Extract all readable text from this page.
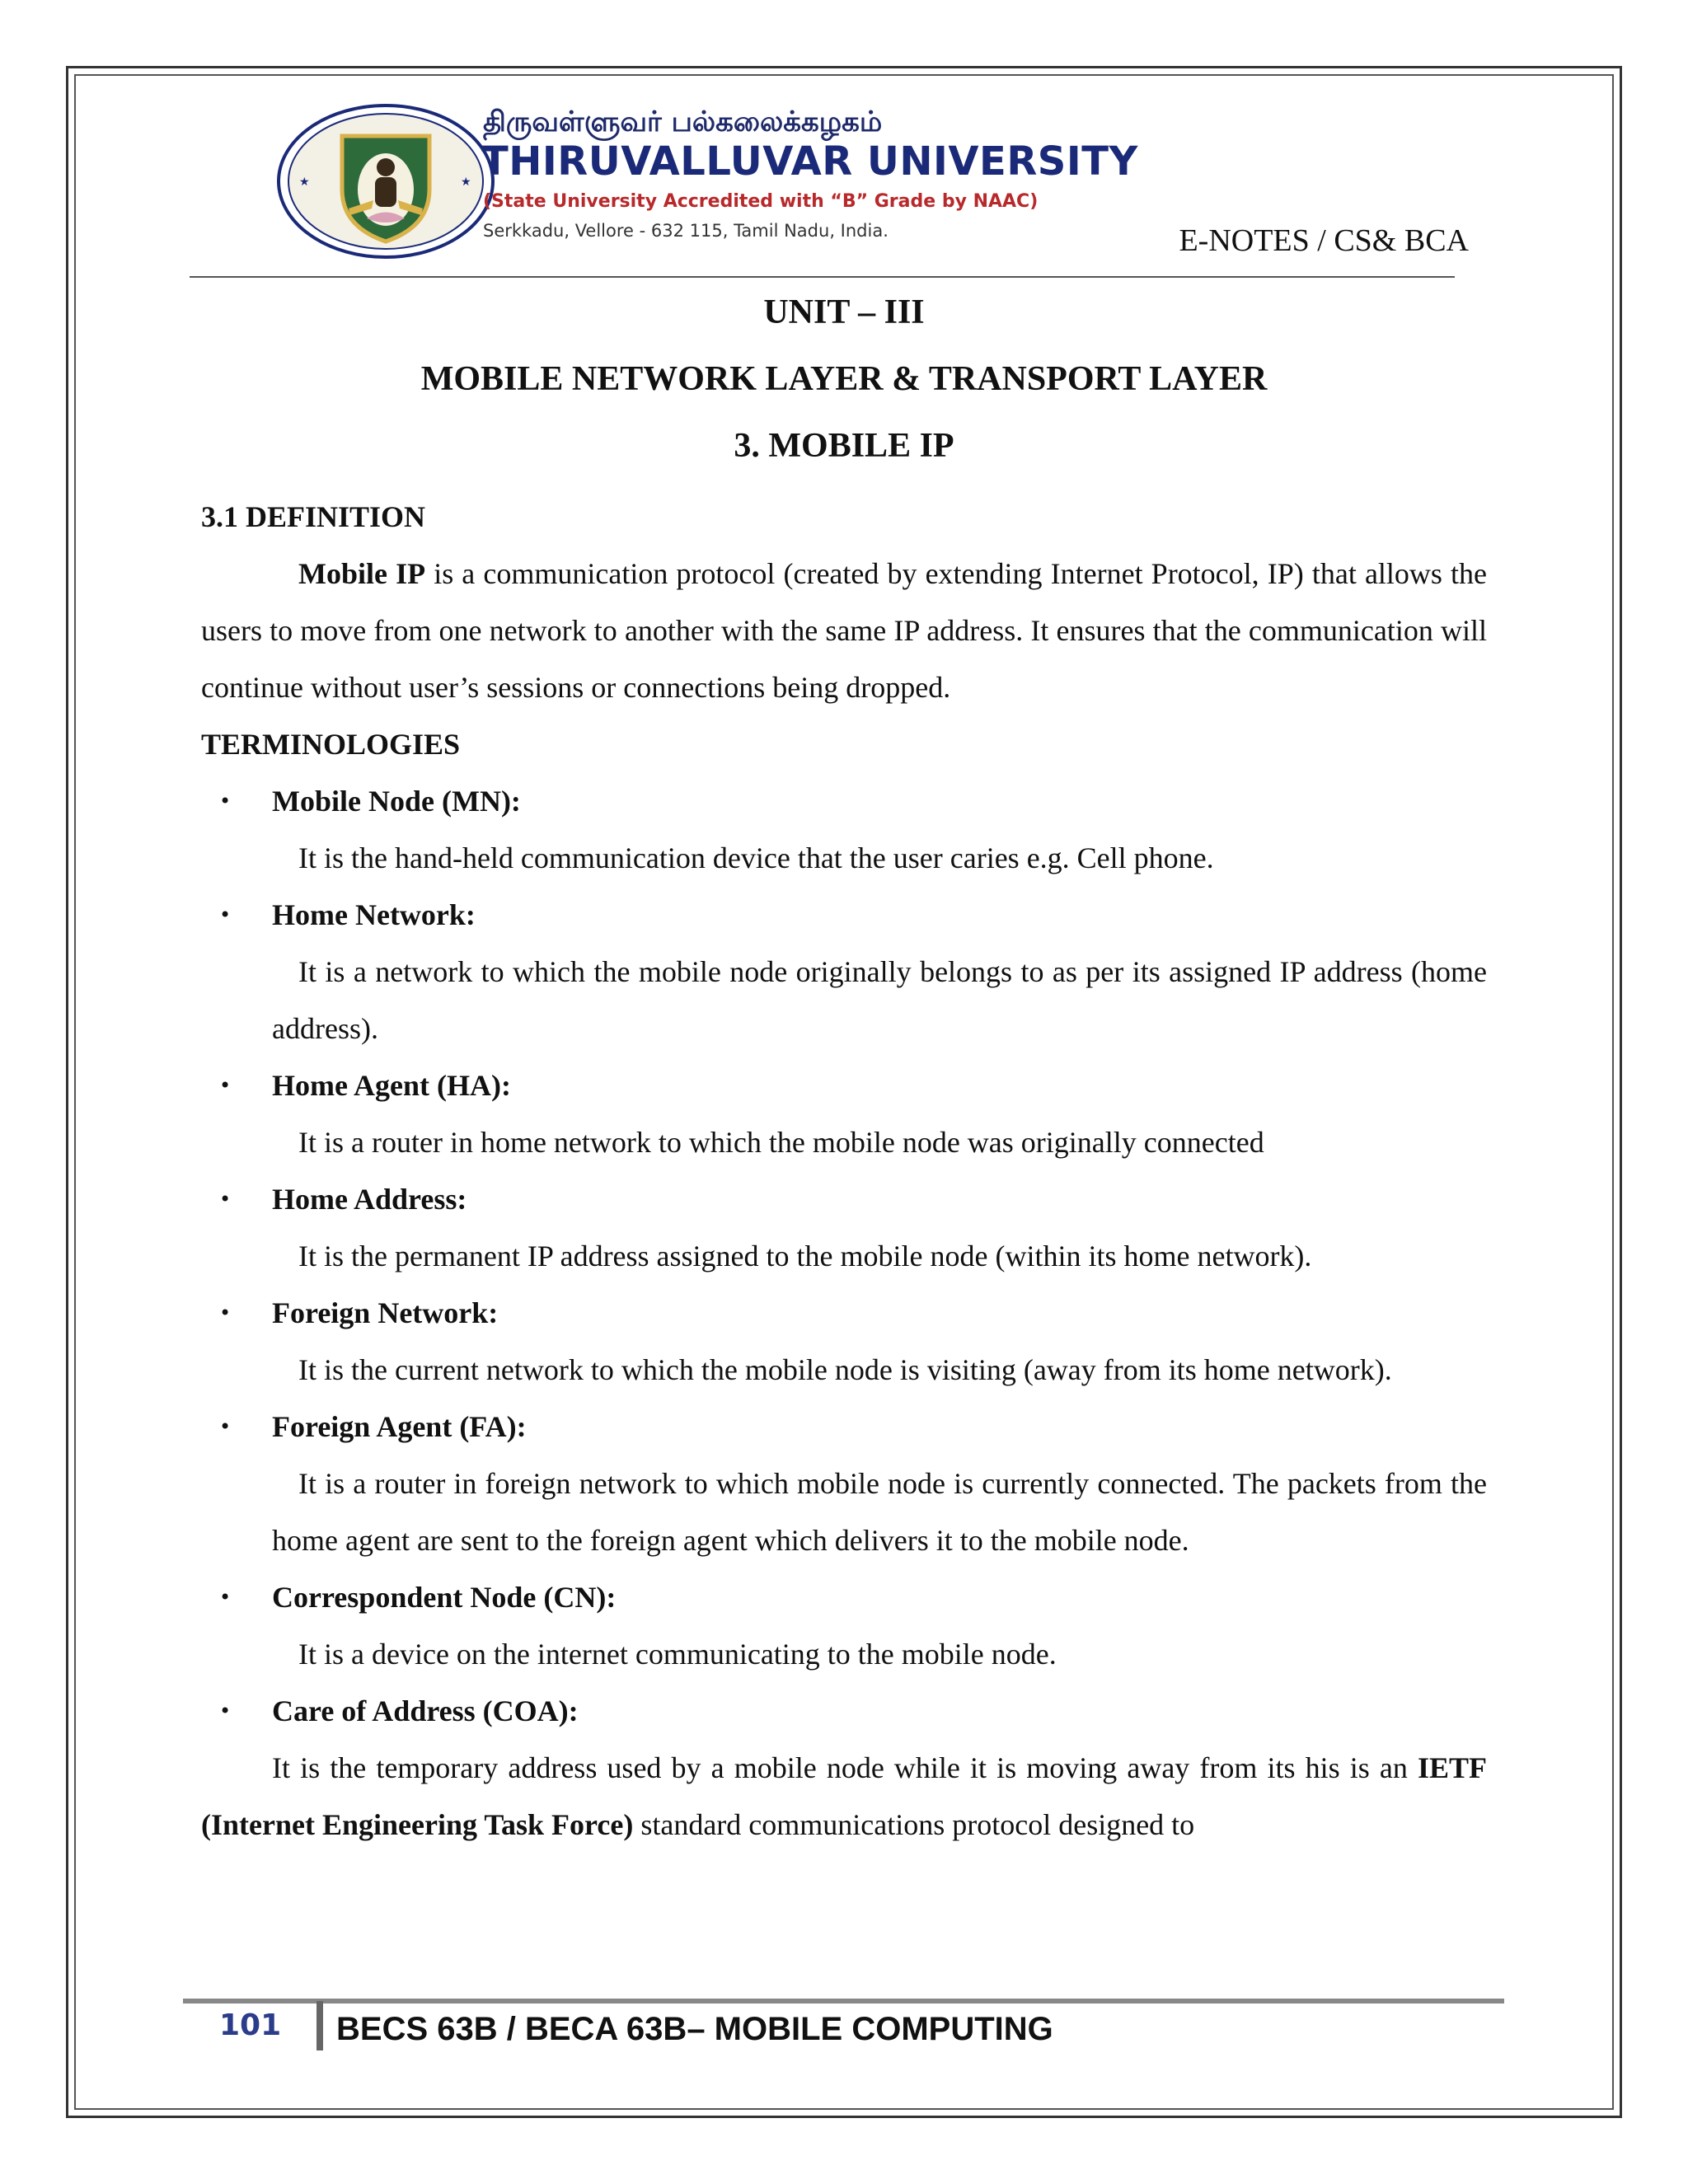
★	★
திருவள்ளுவர் பல்கலைக்கழகம்
THIRUVALLUVAR UNIVERSITY
(State University Accredited with “B” Grade by NAAC)
Serkkadu, Vellore - 632 115, Tamil Nadu, India.	E-NOTES / CS& BCA
UNIT – III
MOBILE NETWORK LAYER & TRANSPORT LAYER
3. MOBILE IP

3.1 DEFINITION

Mobile IP is a communication protocol (created by extending Internet Protocol, IP) that allows the users to move from one network to another with the same IP address. It ensures that the communication will continue without user’s sessions or connections being dropped.

TERMINOLOGIES

• Mobile Node (MN):

It is the hand-held communication device that the user caries e.g. Cell phone.

• Home Network:

It is a network to which the mobile node originally belongs to as per its assigned IP address (home address).

• Home Agent (HA):

It is a router in home network to which the mobile node was originally connected

• Home Address:

It is the permanent IP address assigned to the mobile node (within its home network).

• Foreign Network:

It is the current network to which the mobile node is visiting (away from its home network).

• Foreign Agent (FA):

It is a router in foreign network to which mobile node is currently connected. The packets from the home agent are sent to the foreign agent which delivers it to the mobile node.

• Correspondent Node (CN):

It is a device on the internet communicating to the mobile node.

• Care of Address (COA):

It is the temporary address used by a mobile node while it is moving away from its his is an IETF (Internet Engineering Task Force) standard communications protocol designed to

101 BECS 63B / BECA 63B– MOBILE COMPUTING
